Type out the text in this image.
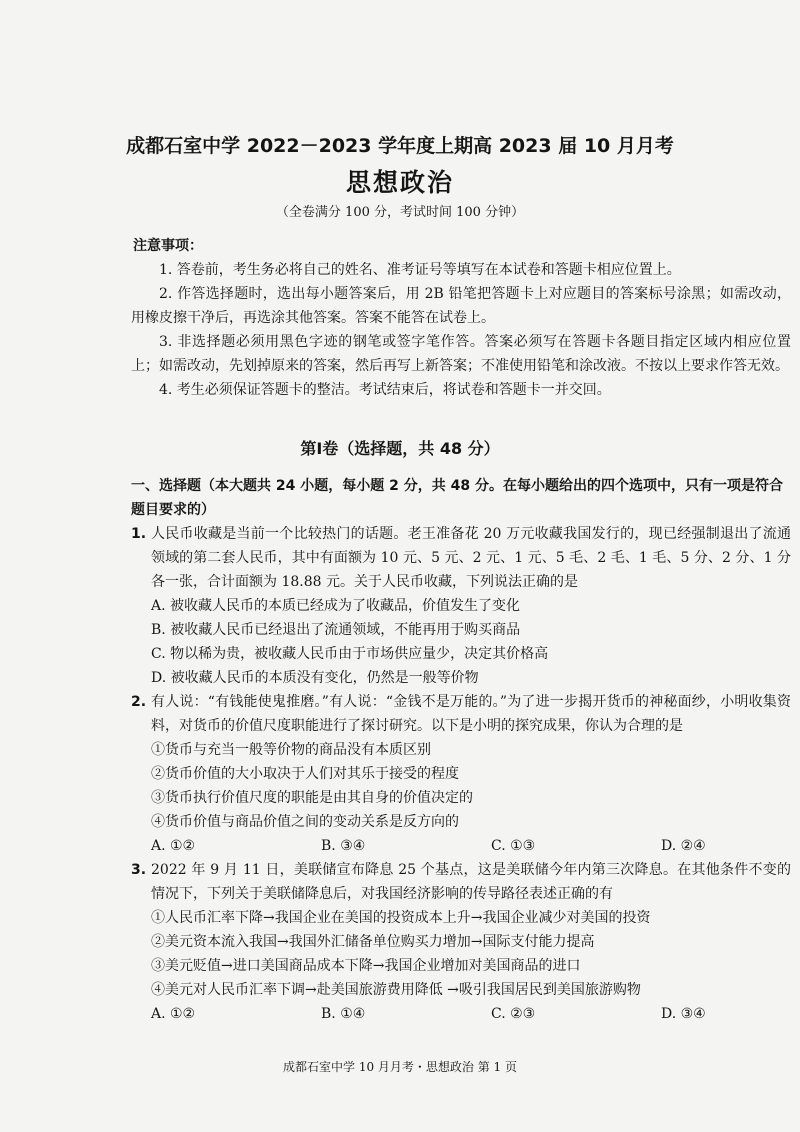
成都石室中学 2022－2023 学年度上期高 2023 届 10 月月考
思想政治
（全卷满分 100 分，考试时间 100 分钟）
注意事项：

1. 答卷前，考生务必将自己的姓名、准考证号等填写在本试卷和答题卡相应位置上。

2. 作答选择题时，选出每小题答案后，用 2B 铅笔把答题卡上对应题目的答案标号涂黑；如需改动，用橡皮擦干净后，再选涂其他答案。答案不能答在试卷上。

3. 非选择题必须用黑色字迹的钢笔或签字笔作答。答案必须写在答题卡各题目指定区域内相应位置上；如需改动，先划掉原来的答案，然后再写上新答案；不准使用铅笔和涂改液。不按以上要求作答无效。

4. 考生必须保证答题卡的整洁。考试结束后，将试卷和答题卡一并交回。

第Ⅰ卷（选择题，共 48 分）
一、选择题（本大题共 24 小题，每小题 2 分，共 48 分。在每小题给出的四个选项中，只有一项是符合题目要求的）

1. 人民币收藏是当前一个比较热门的话题。老王准备花 20 万元收藏我国发行的，现已经强制退出了流通领域的第二套人民币，其中有面额为 10 元、5 元、2 元、1 元、5 毛、2 毛、1 毛、5 分、2 分、1 分各一张，合计面额为 18.88 元。关于人民币收藏，下列说法正确的是

A. 被收藏人民币的本质已经成为了收藏品，价值发生了变化

B. 被收藏人民币已经退出了流通领域，不能再用于购买商品

C. 物以稀为贵，被收藏人民币由于市场供应量少，决定其价格高

D. 被收藏人民币的本质没有变化，仍然是一般等价物

2. 有人说：“有钱能使鬼推磨。”有人说：“金钱不是万能的。”为了进一步揭开货币的神秘面纱，小明收集资料，对货币的价值尺度职能进行了探讨研究。以下是小明的探究成果，你认为合理的是

①货币与充当一般等价物的商品没有本质区别

②货币价值的大小取决于人们对其乐于接受的程度

③货币执行价值尺度的职能是由其自身的价值决定的

④货币价值与商品价值之间的变动关系是反方向的

A. ①②	B. ③④	C. ①③	D. ②④

3. 2022 年 9 月 11 日，美联储宣布降息 25 个基点，这是美联储今年内第三次降息。在其他条件不变的情况下，下列关于美联储降息后，对我国经济影响的传导路径表述正确的有

①人民币汇率下降→我国企业在美国的投资成本上升→我国企业减少对美国的投资

②美元资本流入我国→我国外汇储备单位购买力增加→国际支付能力提高

③美元贬值→进口美国商品成本下降→我国企业增加对美国商品的进口

④美元对人民币汇率下调→赴美国旅游费用降低 →吸引我国居民到美国旅游购物

A. ①②	B. ①④	C. ②③	D. ③④
成都石室中学 10 月月考・思想政治 第 1 页
